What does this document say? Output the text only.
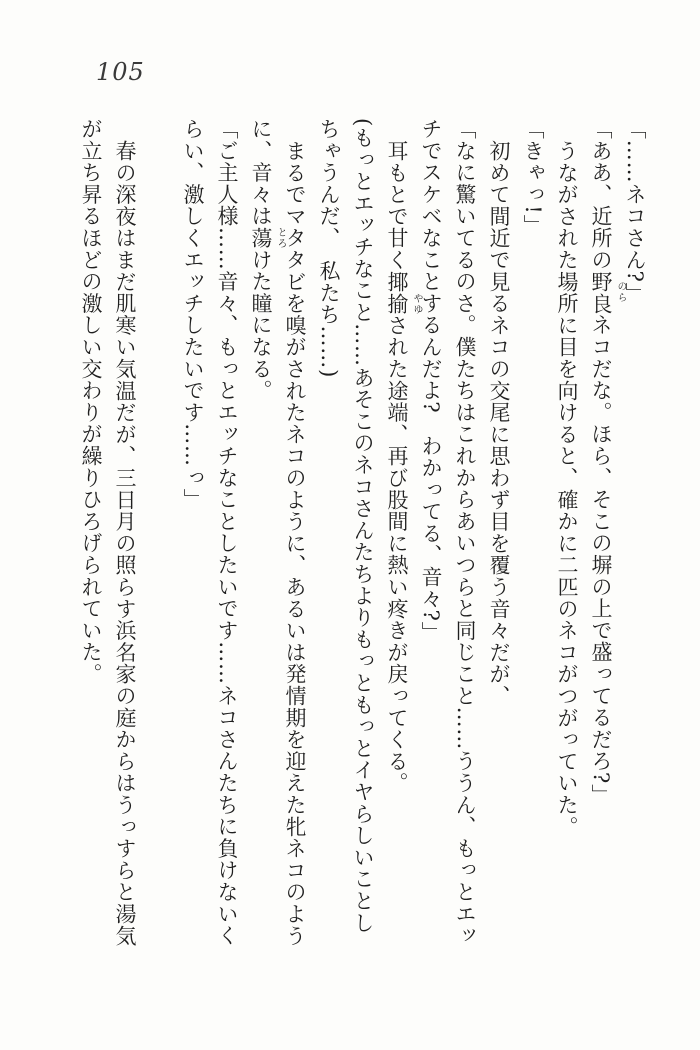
105
「……ネコさん?」
「ああ、近所の野良 のら
ネコだな。ほら、そこの塀の上で盛ってるだろ?」
うながされた場所に目を向けると、確かに二匹のネコがつがっていた。
「きゃっ!」
初めて間近で見るネコの交尾に思わず目を覆う音々だが、
「なに驚いてるのさ。僕たちはこれからあいつらと同じこと……ううん、もっとエッ
チでスケベなことするんだよ?　わかってる、音々?」
耳もとで甘く揶揄 やゆ
された途端、再び股間に熱い疼きが戻ってくる。
(もっとエッチなこと……あそこのネコさんたちよりもっともっとイヤらしいことし
ちゃうんだ、　私たち……)
まるでマタタビを嗅がされたネコのように、あるいは発情期を迎えた牝ネコのよう
に、音々は蕩 とろ
けた瞳になる。
「ご主人様……音々、もっとエッチなことしたいです……ネコさんたちに負けないく
らい、激しくエッチしたいです……っ」
春の深夜はまだ肌寒い気温だが、三日月の照らす浜名家の庭からはうっすらと湯気
が立ち昇るほどの激しい交わりが繰りひろげられていた。
